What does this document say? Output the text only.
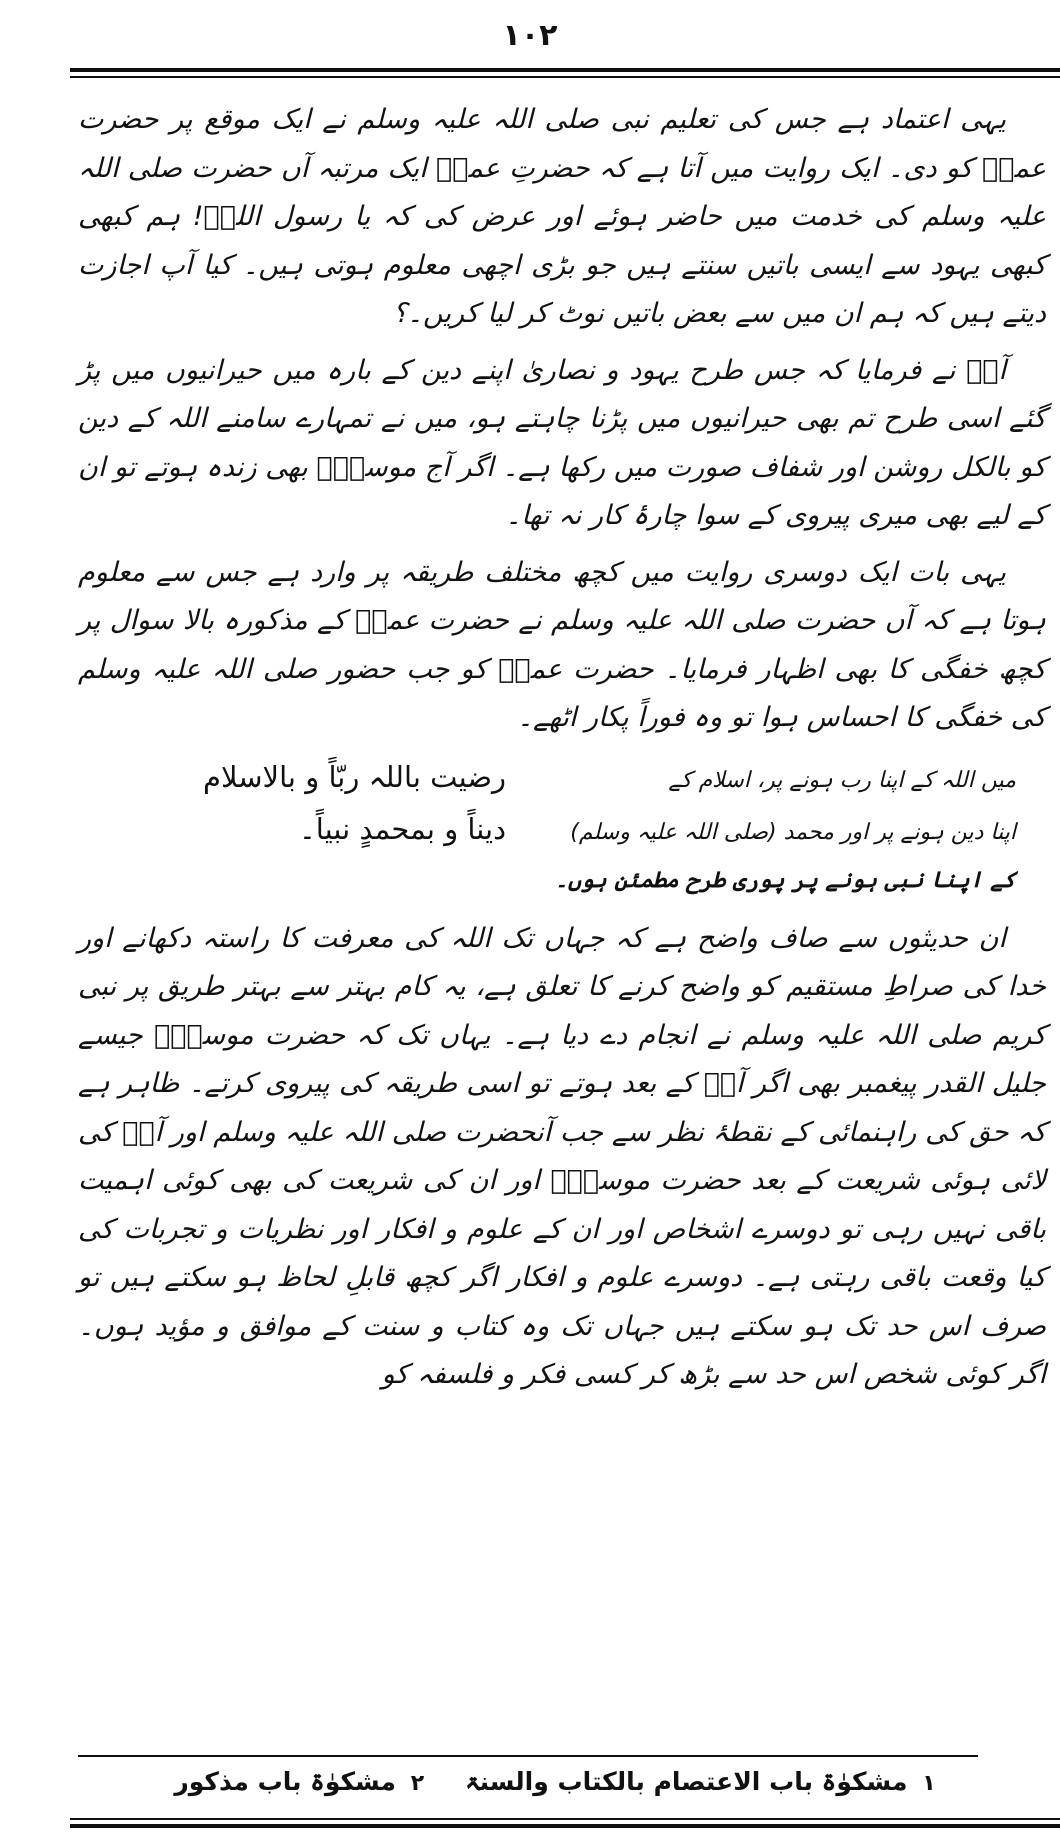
۱۰۲

یہی اعتماد ہے جس کی تعلیم نبی صلی اللہ علیہ وسلم نے ایک موقع پر حضرت عمرؓ کو دی۔ ایک روایت میں آتا ہے کہ حضرتِ عمرؓ ایک مرتبہ آں حضرت صلی اللہ علیہ وسلم کی خدمت میں حاضر ہوئے اور عرض کی کہ یا رسول اللہؐ! ہم کبھی کبھی یہود سے ایسی باتیں سنتے ہیں جو بڑی اچھی معلوم ہوتی ہیں۔ کیا آپ اجازت دیتے ہیں کہ ہم ان میں سے بعض باتیں نوٹ کر لیا کریں۔؟

آپؐ نے فرمایا کہ جس طرح یہود و نصاریٰ اپنے دین کے بارہ میں حیرانیوں میں پڑ گئے اسی طرح تم بھی حیرانیوں میں پڑنا چاہتے ہو، میں نے تمہارے سامنے اللہ کے دین کو بالکل روشن اور شفاف صورت میں رکھا ہے۔ اگر آج موسیٰؑ بھی زندہ ہوتے تو ان کے لیے بھی میری پیروی کے سوا چارۂ کار نہ تھا۔

یہی بات ایک دوسری روایت میں کچھ مختلف طریقہ پر وارد ہے جس سے معلوم ہوتا ہے کہ آں حضرت صلی اللہ علیہ وسلم نے حضرت عمرؓ کے مذکورہ بالا سوال پر کچھ خفگی کا بھی اظہار فرمایا۔ حضرت عمرؓ کو جب حضور صلی اللہ علیہ وسلم کی خفگی کا احساس ہوا تو وہ فوراً پکار اٹھے۔

رضیت باللہ ربّاً و بالاسلام
دیناً و بمحمدٍ نبیاً۔
میں اللہ کے اپنا رب ہونے پر، اسلام کے
اپنا دین ہونے پر اور محمد (صلی اللہ علیہ وسلم)
کے اپنا نبی ہونے پر پوری طرح مطمئن ہوں۔

ان حدیثوں سے صاف واضح ہے کہ جہاں تک اللہ کی معرفت کا راستہ دکھانے اور خدا کی صراطِ مستقیم کو واضح کرنے کا تعلق ہے، یہ کام بہتر سے بہتر طریق پر نبی کریم صلی اللہ علیہ وسلم نے انجام دے دیا ہے۔ یہاں تک کہ حضرت موسیٰؑ جیسے جلیل القدر پیغمبر بھی اگر آپؐ کے بعد ہوتے تو اسی طریقہ کی پیروی کرتے۔ ظاہر ہے کہ حق کی راہنمائی کے نقطۂ نظر سے جب آنحضرت صلی اللہ علیہ وسلم اور آپؐ کی لائی ہوئی شریعت کے بعد حضرت موسیٰؑ اور ان کی شریعت کی بھی کوئی اہمیت باقی نہیں رہی تو دوسرے اشخاص اور ان کے علوم و افکار اور نظریات و تجربات کی کیا وقعت باقی رہتی ہے۔ دوسرے علوم و افکار اگر کچھ قابلِ لحاظ ہو سکتے ہیں تو صرف اس حد تک ہو سکتے ہیں جہاں تک وہ کتاب و سنت کے موافق و مؤید ہوں۔ اگر کوئی شخص اس حد سے بڑھ کر کسی فکر و فلسفہ کو

۱ مشکوٰۃ باب الاعتصام بالکتاب والسنۃ    ۲ مشکوٰۃ باب مذکور
